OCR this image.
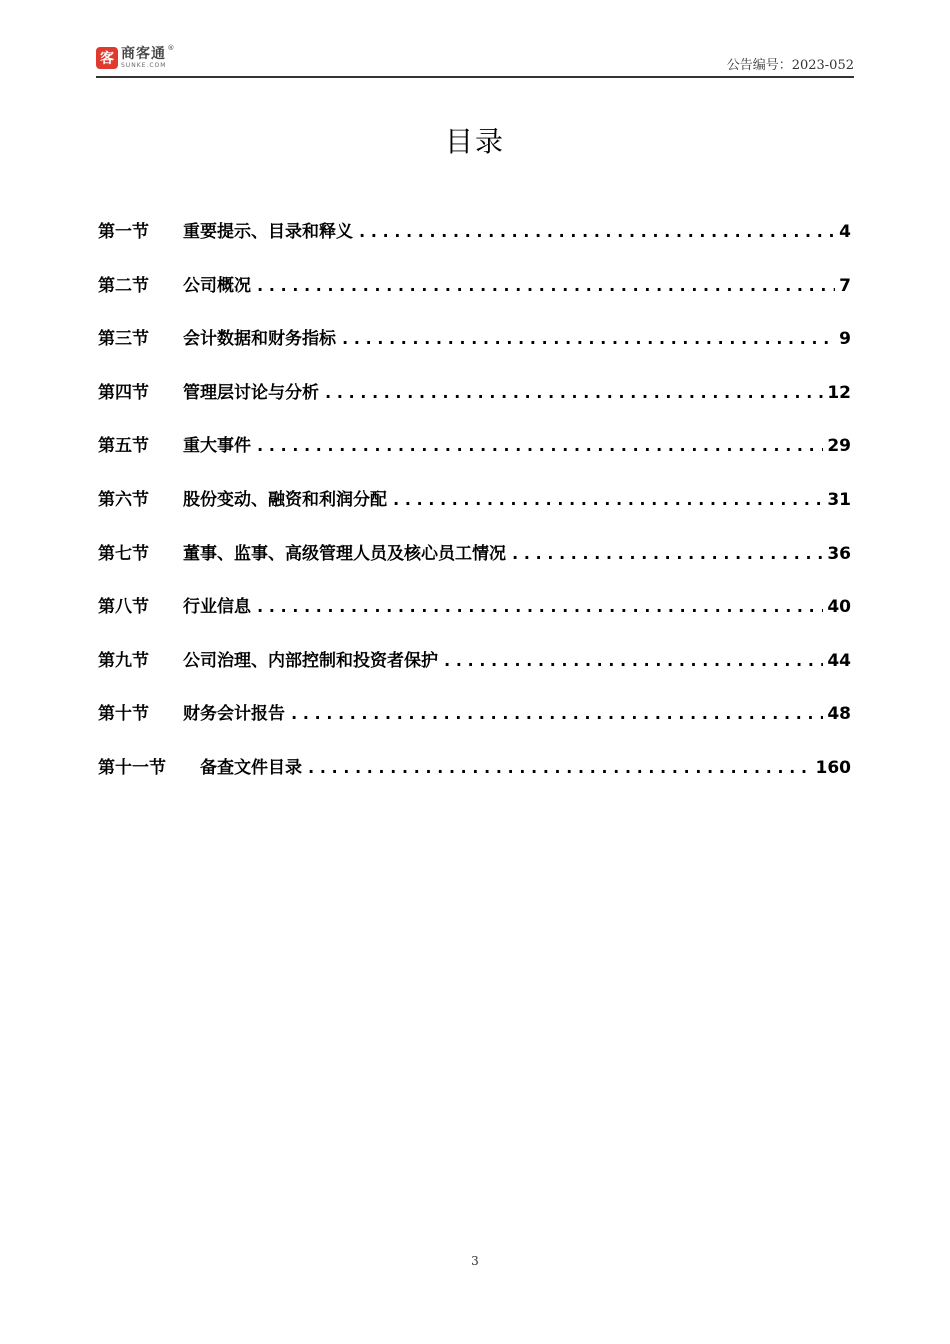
客 商客通
SUNKE.COM
®
公告编号：2023-052
目录
第一节	重要提示、目录和释义 .....	4
第二节	公司概况 .....	7
第三节	会计数据和财务指标 .....	9
第四节	管理层讨论与分析 .....	12
第五节	重大事件 .....	29
第六节	股份变动、融资和利润分配 .....	31
第七节	董事、监事、高级管理人员及核心员工情况 .....	36
第八节	行业信息 .....	40
第九节	公司治理、内部控制和投资者保护 .....	44
第十节	财务会计报告 .....	48
第十一节	备查文件目录 .....	160
3
